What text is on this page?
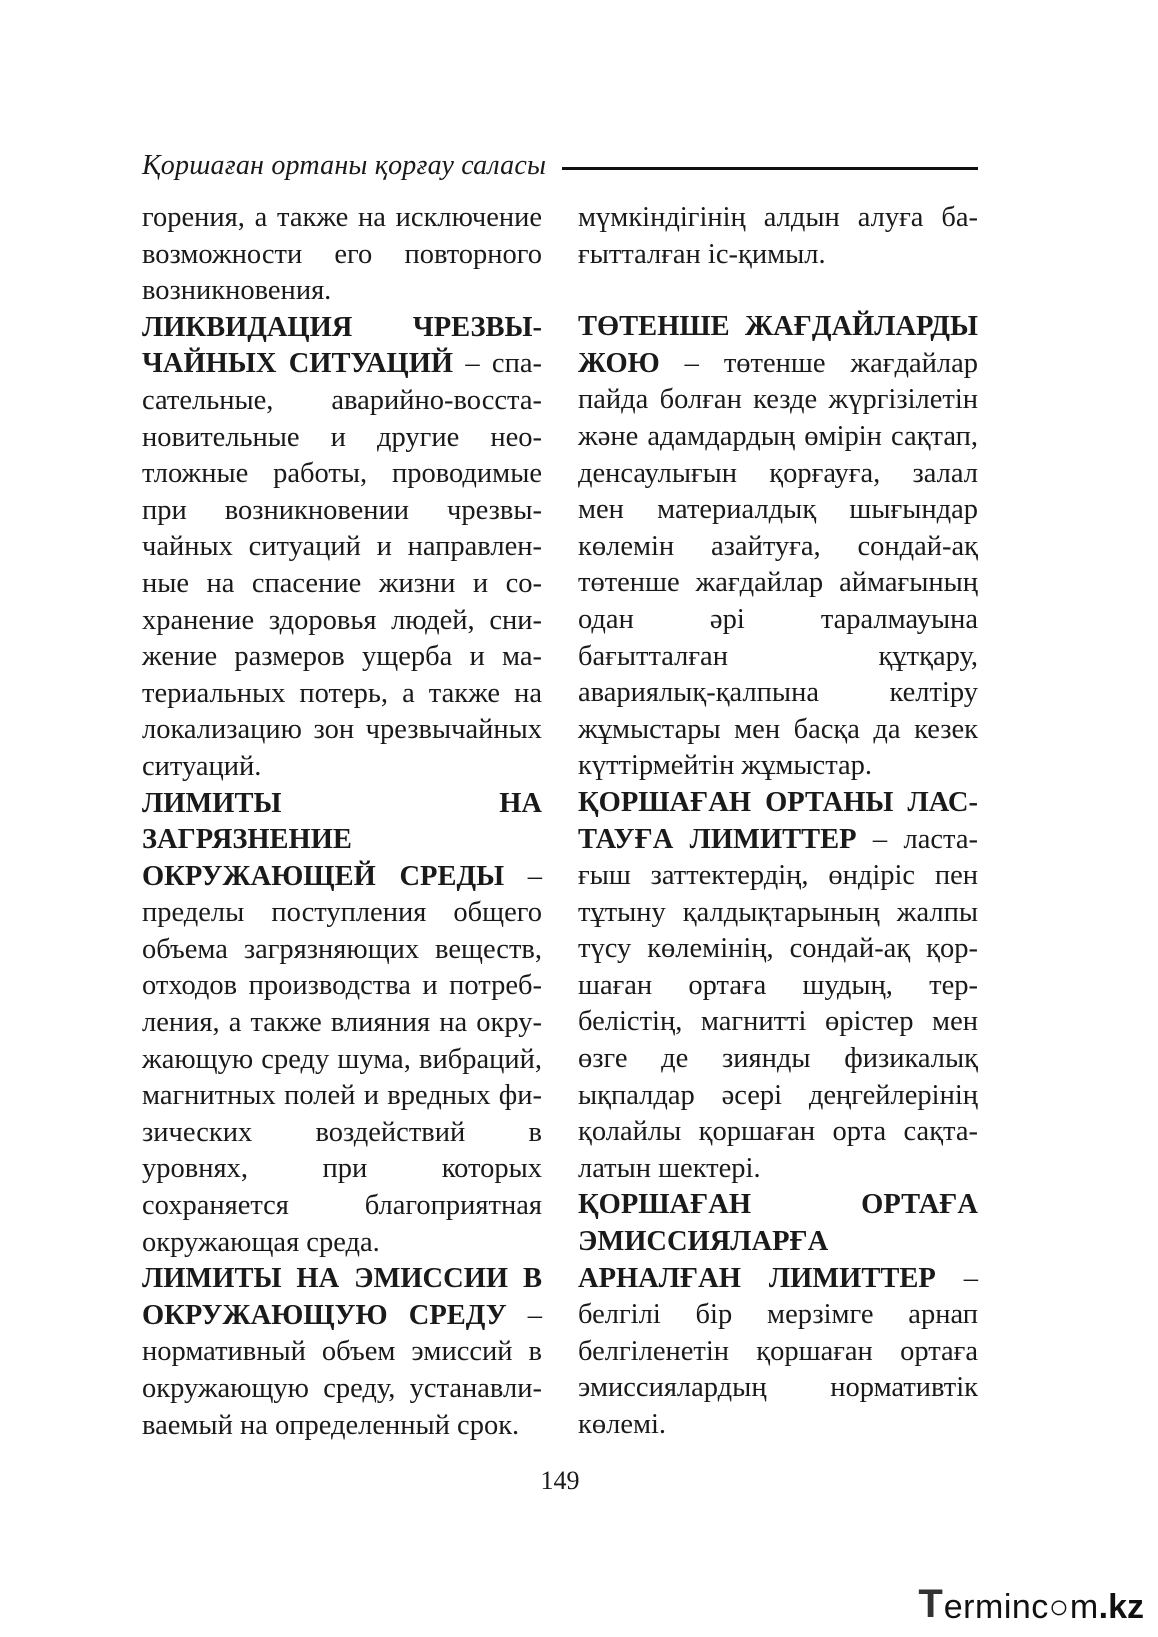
Қоршаған ортаны қорғау саласы

горения, а также на исключение возможности его повторного возникновения.

ЛИКВИДАЦИЯ ЧРЕЗВЫЧАЙНЫХ СИТУАЦИЙ – спасательные, аварийно-восстановительные и другие неотложные работы, проводимые при возникновении чрезвычайных ситуаций и направленные на спасение жизни и сохранение здоровья людей, снижение размеров ущерба и материальных потерь, а также на локализацию зон чрезвычайных ситуаций.

ЛИМИТЫ НА ЗАГРЯЗНЕНИЕ ОКРУЖАЮЩЕЙ СРЕДЫ – пределы поступления общего объема загрязняющих веществ, отходов производства и потребления, а также влияния на окружающую среду шума, вибраций, магнитных полей и вредных физических воздействий в уровнях, при которых сохраняется благоприятная окружающая среда.

ЛИМИТЫ НА ЭМИССИИ В ОКРУЖАЮЩУЮ СРЕДУ – нормативный объем эмиссий в окружающую среду, устанавливаемый на определенный срок.

мүмкіндігінің алдын алуға бағытталған іс-қимыл.

ТӨТЕНШЕ ЖАҒДАЙЛАРДЫ ЖОЮ – төтенше жағдайлар пайда болған кезде жүргізілетін және адамдардың өмірін сақтап, денсаулығын қорғауға, залал мен материалдық шығындар көлемін азайтуға, сондай-ақ төтенше жағдайлар аймағының одан әрі таралмауына бағытталған құтқару, авариялық-қалпына келтіру жұмыстары мен басқа да кезек күттірмейтін жұмыстар.

ҚОРШАҒАН ОРТАНЫ ЛАСТАУҒА ЛИМИТТЕР – ластағыш заттектердің, өндіріс пен тұтыну қалдықтарының жалпы түсу көлемінің, сондай-ақ қоршаған ортаға шудың, тербелістің, магнитті өрістер мен өзге де зиянды физикалық ықпалдар әсері деңгейлерінің қолайлы қоршаған орта сақталатын шектері.

ҚОРШАҒАН ОРТАҒА ЭМИССИЯЛАРҒА АРНАЛҒАН ЛИМИТТЕР – белгілі бір мерзімге арнап белгіленетін қоршаған ортаға эмиссиялардың нормативтік көлемі.

149
T erminc○m .kz
